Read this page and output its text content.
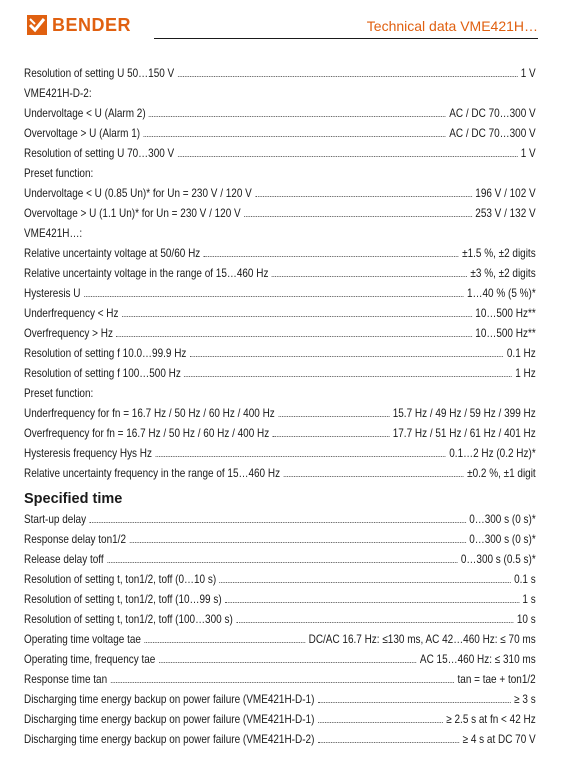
BENDER	Technical data VME421H…
Resolution of setting U 50…150 V	1 V
VME421H-D-2:
Undervoltage < U (Alarm 2)	AC / DC 70…300 V
Overvoltage > U (Alarm 1)	AC / DC 70…300 V
Resolution of setting U 70…300 V	1 V
Preset function:
Undervoltage < U (0.85 Un)* for Un = 230 V / 120 V	196 V / 102 V
Overvoltage > U (1.1 Un)* for Un = 230 V / 120 V	253 V / 132 V
VME421H…:
Relative uncertainty voltage at 50/60 Hz	±1.5 %, ±2 digits
Relative uncertainty voltage in the range of 15…460 Hz	±3 %, ±2 digits
Hysteresis U	1…40 % (5 %)*
Underfrequency < Hz	10…500 Hz**
Overfrequency > Hz	10…500 Hz**
Resolution of setting f 10.0…99.9 Hz	0.1 Hz
Resolution of setting f 100…500 Hz	1 Hz
Preset function:
Underfrequency for fn = 16.7 Hz / 50 Hz / 60 Hz / 400 Hz	15.7 Hz / 49 Hz / 59 Hz / 399 Hz
Overfrequency for fn = 16.7 Hz / 50 Hz / 60 Hz / 400 Hz	17.7 Hz / 51 Hz / 61 Hz / 401 Hz
Hysteresis frequency Hys Hz	0.1…2 Hz (0.2 Hz)*
Relative uncertainty frequency in the range of 15…460 Hz	±0.2 %, ±1 digit
Specified time
Start-up delay	0…300 s (0 s)*
Response delay ton1/2	0…300 s (0 s)*
Release delay toff	0…300 s (0.5 s)*
Resolution of setting t, ton1/2, toff (0…10 s)	0.1 s
Resolution of setting t, ton1/2, toff (10…99 s)	1 s
Resolution of setting t, ton1/2, toff (100…300 s)	10 s
Operating time voltage tae	DC/AC 16.7 Hz: ≤130 ms, AC 42…460 Hz: ≤ 70 ms
Operating time, frequency tae	AC 15…460 Hz: ≤ 310 ms
Response time tan	tan = tae + ton1/2
Discharging time energy backup on power failure (VME421H-D-1)	≥ 3 s
Discharging time energy backup on power failure (VME421H-D-1)	≥ 2.5 s at fn < 42 Hz
Discharging time energy backup on power failure (VME421H-D-2)	≥ 4 s at DC 70 V
